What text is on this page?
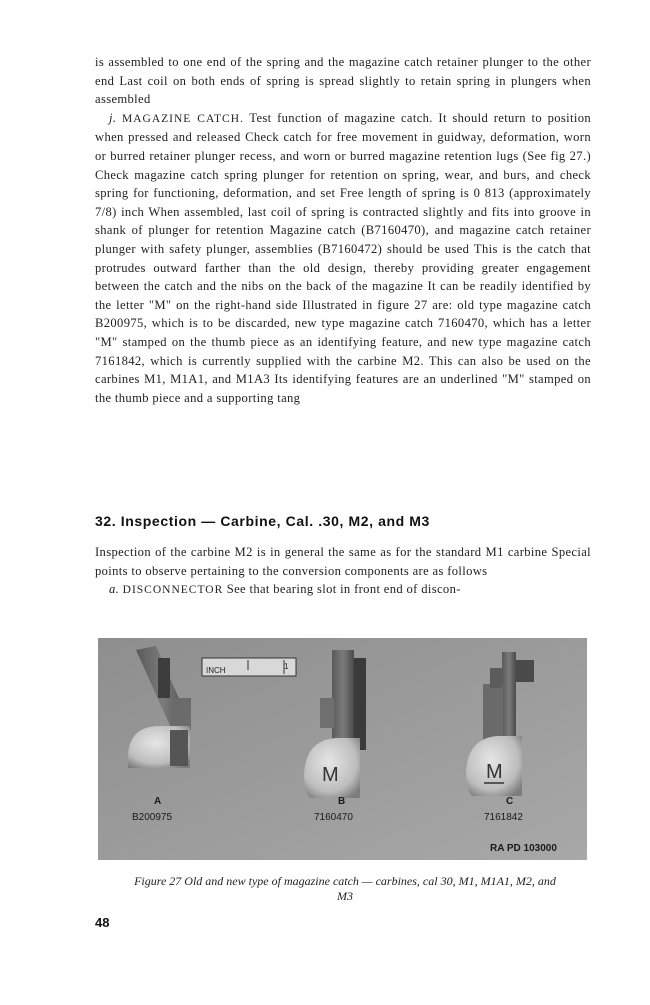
is assembled to one end of the spring and the magazine catch retainer plunger to the other end Last coil on both ends of spring is spread slightly to retain spring in plungers when assembled

j. MAGAZINE CATCH. Test function of magazine catch. It should return to position when pressed and released Check catch for free movement in guidway, deformation, worn or burred retainer plunger recess, and worn or burred magazine retention lugs (See fig 27.) Check magazine catch spring plunger for retention on spring, wear, and burs, and check spring for functioning, deformation, and set Free length of spring is 0 813 (approximately 7/8) inch When assembled, last coil of spring is contracted slightly and fits into groove in shank of plunger for retention Magazine catch (B7160470), and magazine catch retainer plunger with safety plunger, assemblies (B7160472) should be used This is the catch that protrudes outward farther than the old design, thereby providing greater engagement between the catch and the nibs on the back of the magazine It can be readily identified by the letter "M" on the right-hand side Illustrated in figure 27 are: old type magazine catch B200975, which is to be discarded, new type magazine catch 7160470, which has a letter "M" stamped on the thumb piece as an identifying feature, and new type magazine catch 7161842, which is currently supplied with the carbine M2. This can also be used on the carbines M1, M1A1, and M1A3 Its identifying features are an underlined "M" stamped on the thumb piece and a supporting tang

32. Inspection — Carbine, Cal. .30, M2, and M3

Inspection of the carbine M2 is in general the same as for the standard M1 carbine Special points to observe pertaining to the conversion components are as follows

a. DISCONNECTOR See that bearing slot in front end of discon-

INCH	1
M	M
A
B200975
B
7160470
C
7161842
RA PD 103000
Figure 27 Old and new type of magazine catch — carbines, cal 30, M1, M1A1, M2, and M3
48
